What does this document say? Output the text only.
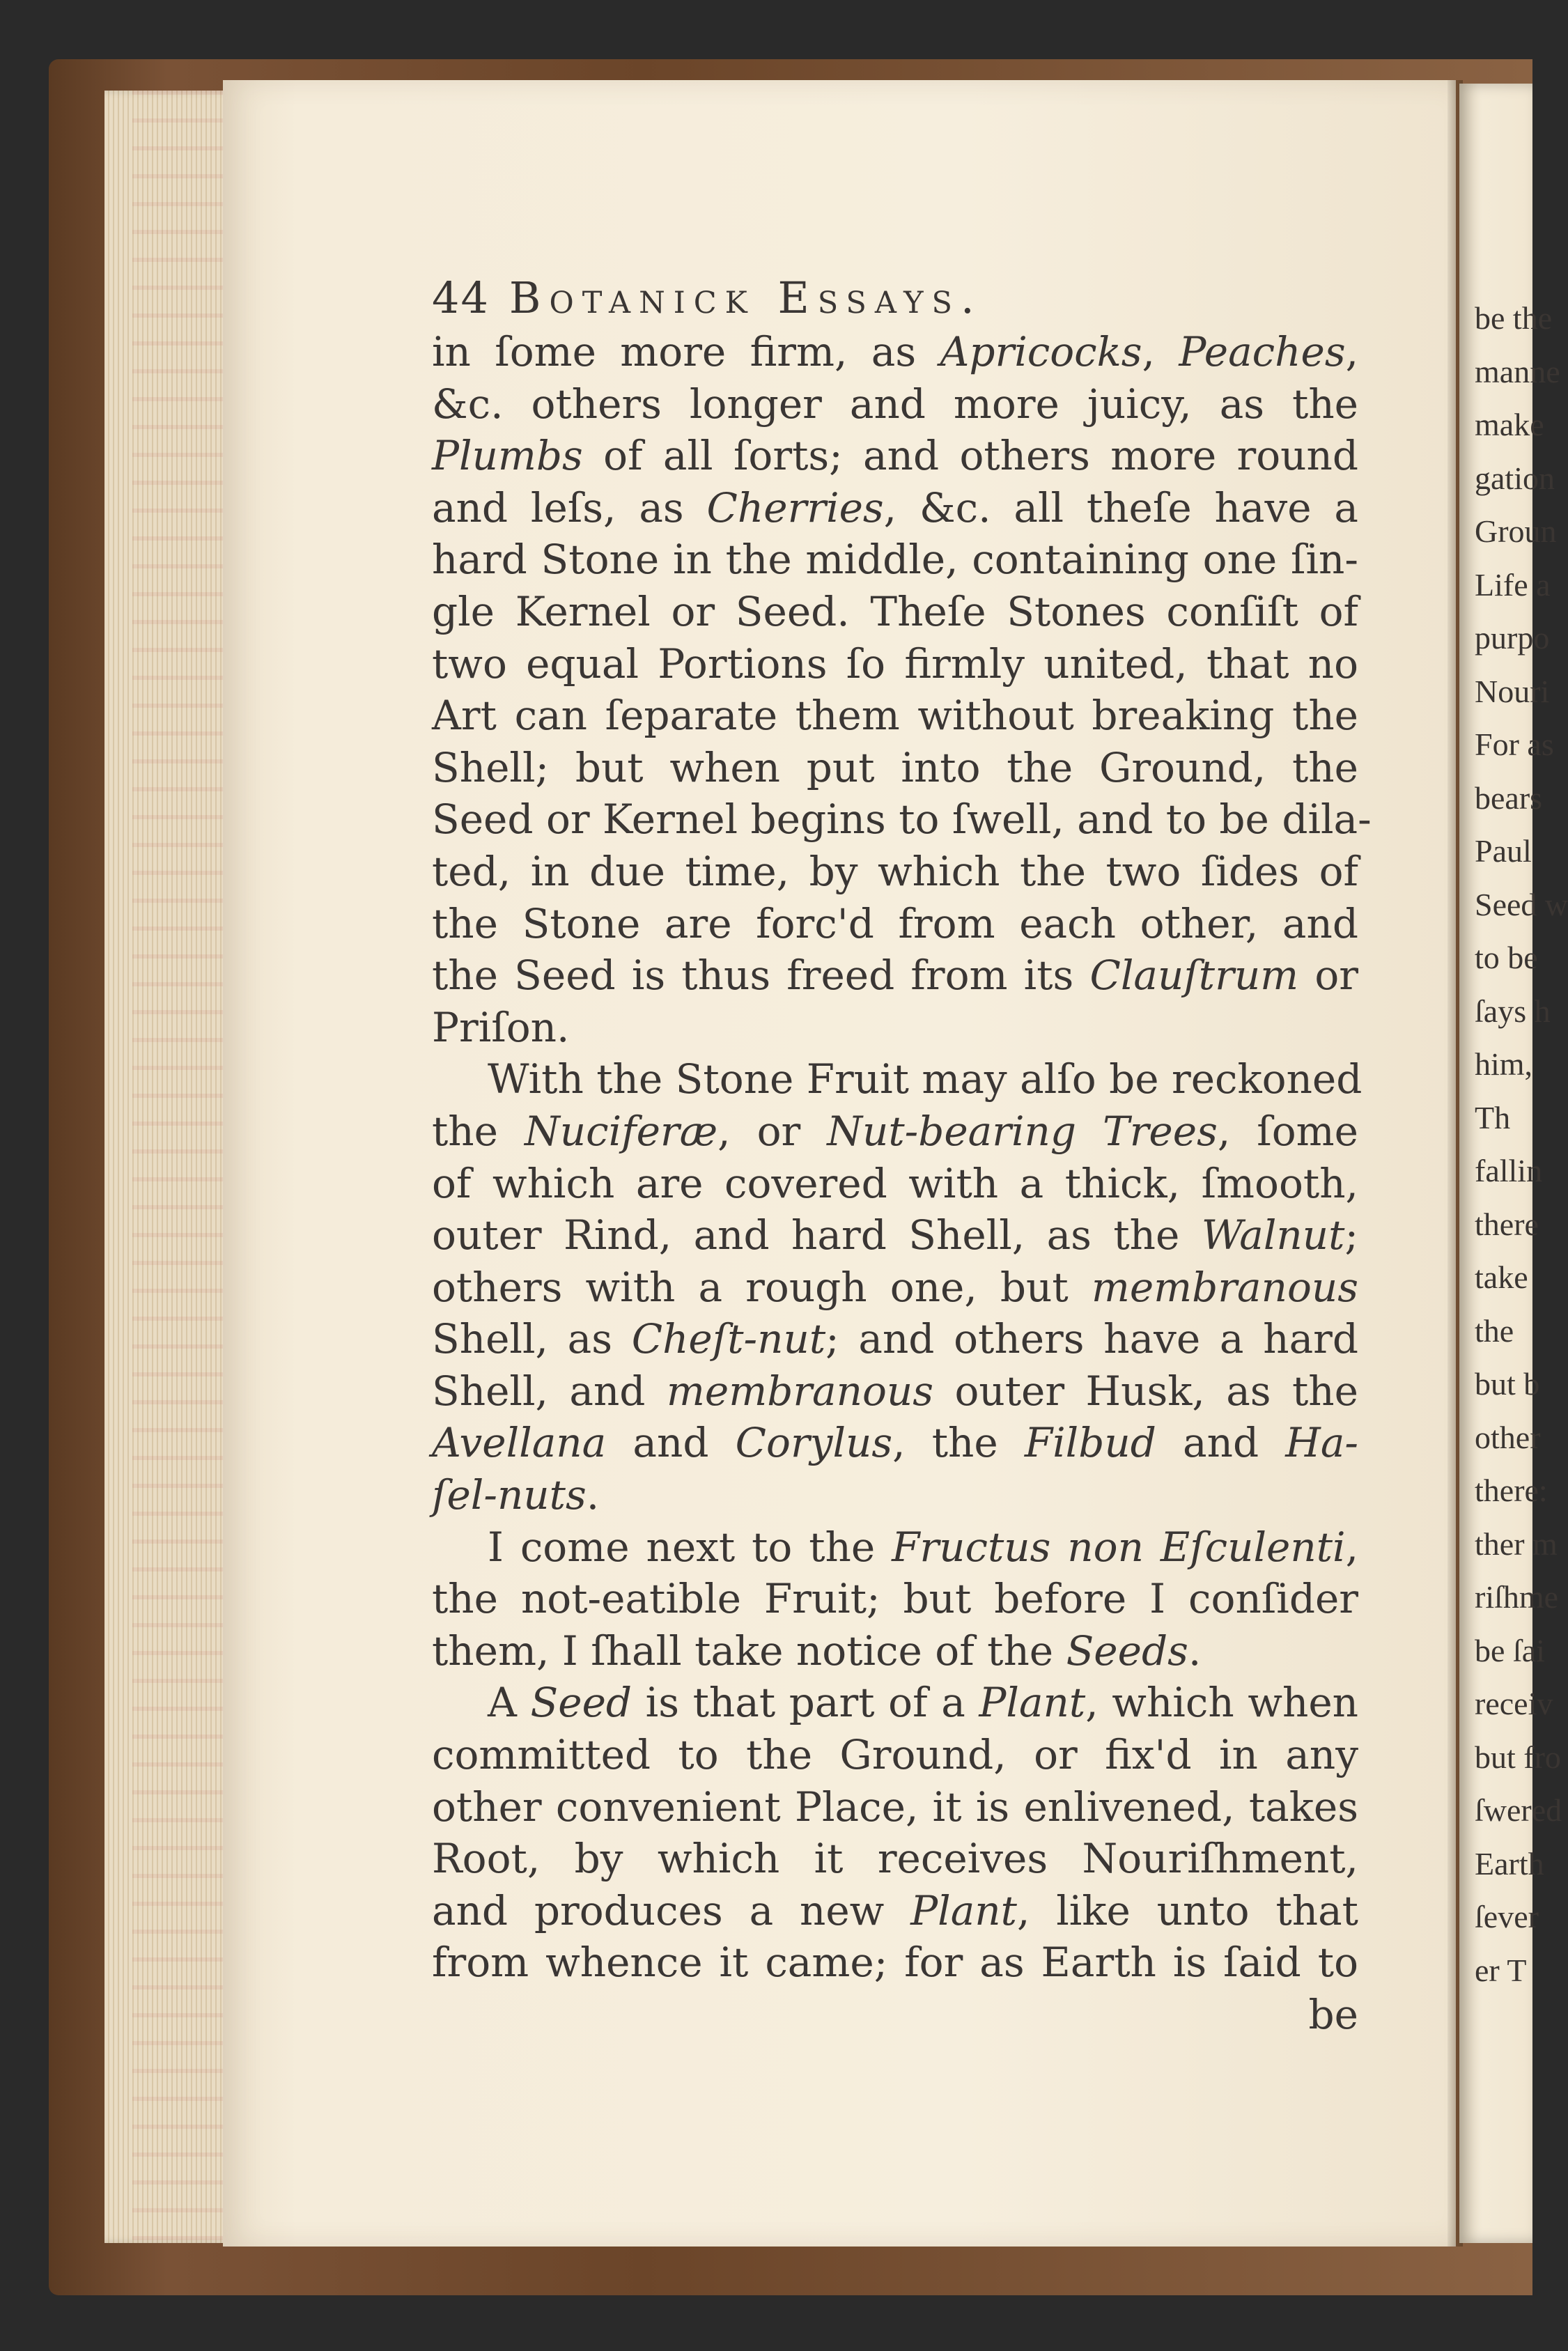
be the
manne
make
gation
Groun
Life a
purpo
Nouri
For as
bears
Paul
Seed w
to be
ſays h
him,
Th
fallin
there
take
the
but b
other
there:
ther m
riſhme
be ſai
receiv
but fro
ſwered
Earth
ſever
er T
44 Botanick Essays.
in ſome more firm, as Apricocks, Peaches,
&c. others longer and more juicy, as the
Plumbs of all ſorts; and others more round
and leſs, as Cherries, &c. all theſe have a
hard Stone in the middle, containing one ſin-
gle Kernel or Seed. Theſe Stones conſiſt of
two equal Portions ſo firmly united, that no
Art can ſeparate them without breaking the
Shell; but when put into the Ground, the
Seed or Kernel begins to ſwell, and to be dila-
ted, in due time, by which the two ſides of
the Stone are forc'd from each other, and
the Seed is thus freed from its Clauſtrum or
Priſon.
With the Stone Fruit may alſo be reckoned
the Nuciferæ, or Nut-bearing Trees, ſome
of which are covered with a thick, ſmooth,
outer Rind, and hard Shell, as the Walnut;
others with a rough one, but membranous
Shell, as Cheſt-nut; and others have a hard
Shell, and membranous outer Husk, as the
Avellana and Corylus, the Filbud and Ha-
ſel-nuts.
I come next to the Fructus non Eſculenti,
the not-eatible Fruit; but before I conſider
them, I ſhall take notice of the Seeds.
A Seed is that part of a Plant, which when
committed to the Ground, or fix'd in any
other convenient Place, it is enlivened, takes
Root, by which it receives Nouriſhment,
and produces a new Plant, like unto that
from whence it came; for as Earth is ſaid to
be
